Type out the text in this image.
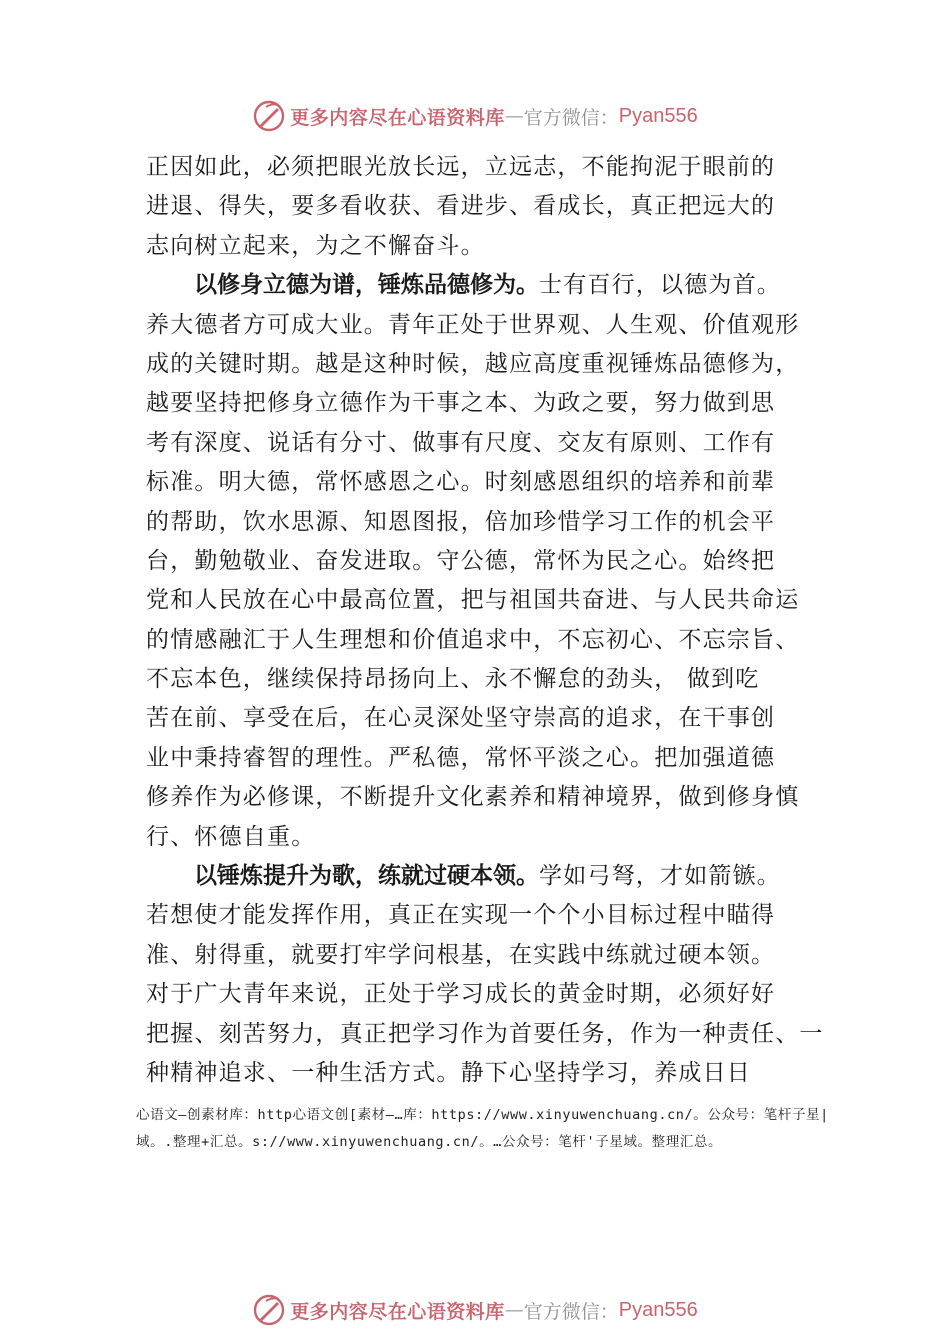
更多内容尽在心语资料库 — 官方微信： Pyan556
正因如此，必须把眼光放长远，立远志，不能拘泥于眼前的
进退、得失，要多看收获、看进步、看成长，真正把远大的
志向树立起来，为之不懈奋斗。
以修身立德为谱，锤炼品德修为。士有百行，以德为首。
养大德者方可成大业。青年正处于世界观、人生观、价值观形
成的关键时期。越是这种时候，越应高度重视锤炼品德修为，
越要坚持把修身立德作为干事之本、为政之要，努力做到思
考有深度、说话有分寸、做事有尺度、交友有原则、工作有
标准。明大德，常怀感恩之心。时刻感恩组织的培养和前辈
的帮助，饮水思源、知恩图报，倍加珍惜学习工作的机会平
台，勤勉敬业、奋发进取。守公德，常怀为民之心。始终把
党和人民放在心中最高位置，把与祖国共奋进、与人民共命运
的情感融汇于人生理想和价值追求中，不忘初心、不忘宗旨、
不忘本色，继续保持昂扬向上、永不懈怠的劲头， 做到吃
苦在前、享受在后，在心灵深处坚守崇高的追求，在干事创
业中秉持睿智的理性。严私德，常怀平淡之心。把加强道德
修养作为必修课，不断提升文化素养和精神境界，做到修身慎
行、怀德自重。
以锤炼提升为歌，练就过硬本领。学如弓弩，才如箭镞。
若想使才能发挥作用，真正在实现一个个小目标过程中瞄得
准、射得重，就要打牢学问根基，在实践中练就过硬本领。
对于广大青年来说，正处于学习成长的黄金时期，必须好好
把握、刻苦努力，真正把学习作为首要任务，作为一种责任、一
种精神追求、一种生活方式。静下心坚持学习，养成日日
心语文—创素材库：http心语文创[素材—…库：https://www.xinyuwenchuang.cn/。公众号：笔杆子星|域。.整理+汇总。s://www.xinyuwenchuang.cn/。…公众号：笔杆'子星域。整理汇总。
更多内容尽在心语资料库 — 官方微信： Pyan556
